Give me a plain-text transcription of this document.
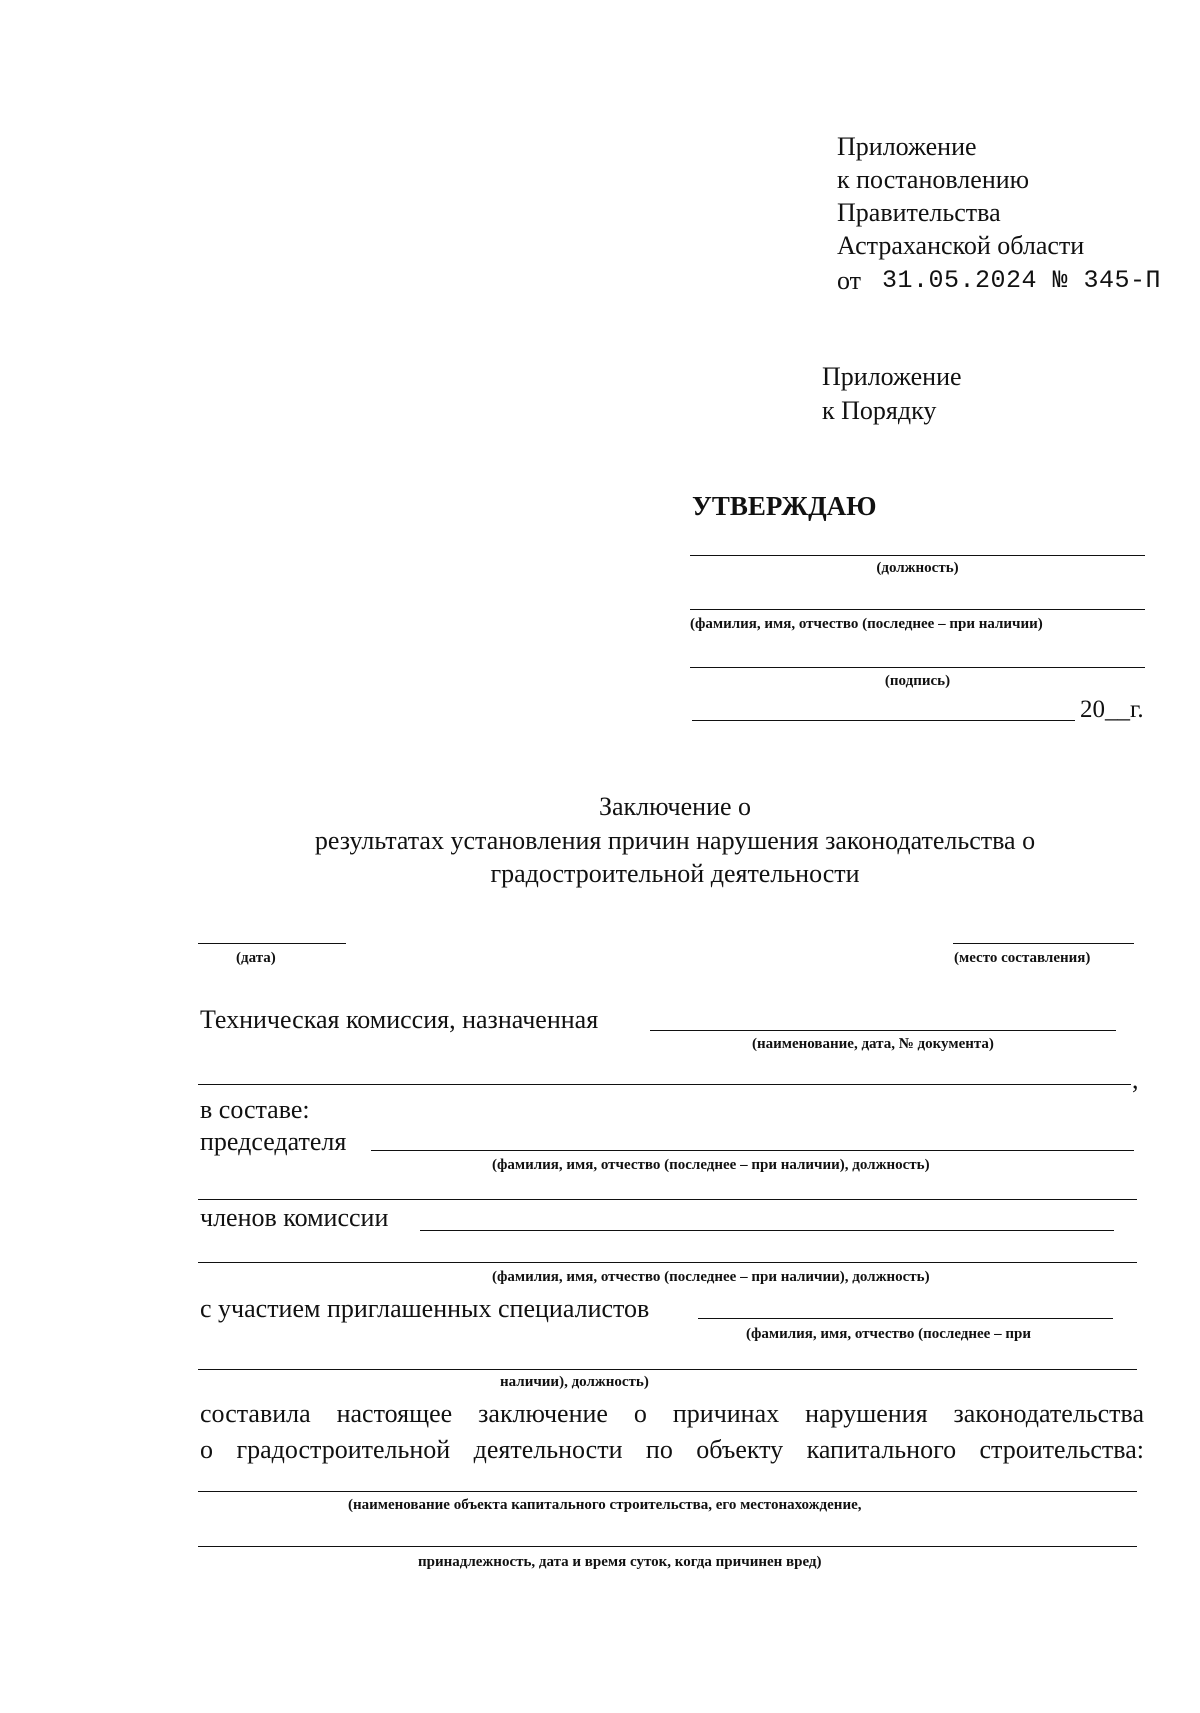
Приложение
к постановлению
Правительства
Астраханской области
от 31.05.2024 № 345-П
Приложение
к Порядку
УТВЕРЖДАЮ
(должность)
(фамилия, имя, отчество (последнее – при наличии)
(подпись)
20__г.
Заключение о
результатах установления причин нарушения законодательства о
градостроительной деятельности
(дата)	(место составления)
Техническая комиссия, назначенная
(наименование, дата, № документа)
,
в составе:
председателя
(фамилия, имя, отчество (последнее – при наличии), должность)
членов комиссии
(фамилия, имя, отчество (последнее – при наличии), должность)
с участием приглашенных специалистов
(фамилия, имя, отчество (последнее – при
наличии), должность)
составила настоящее заключение о причинах нарушения законодательства
о градостроительной деятельности по объекту капитального строительства:
(наименование объекта капитального строительства, его местонахождение,
принадлежность, дата и время суток, когда причинен вред)
